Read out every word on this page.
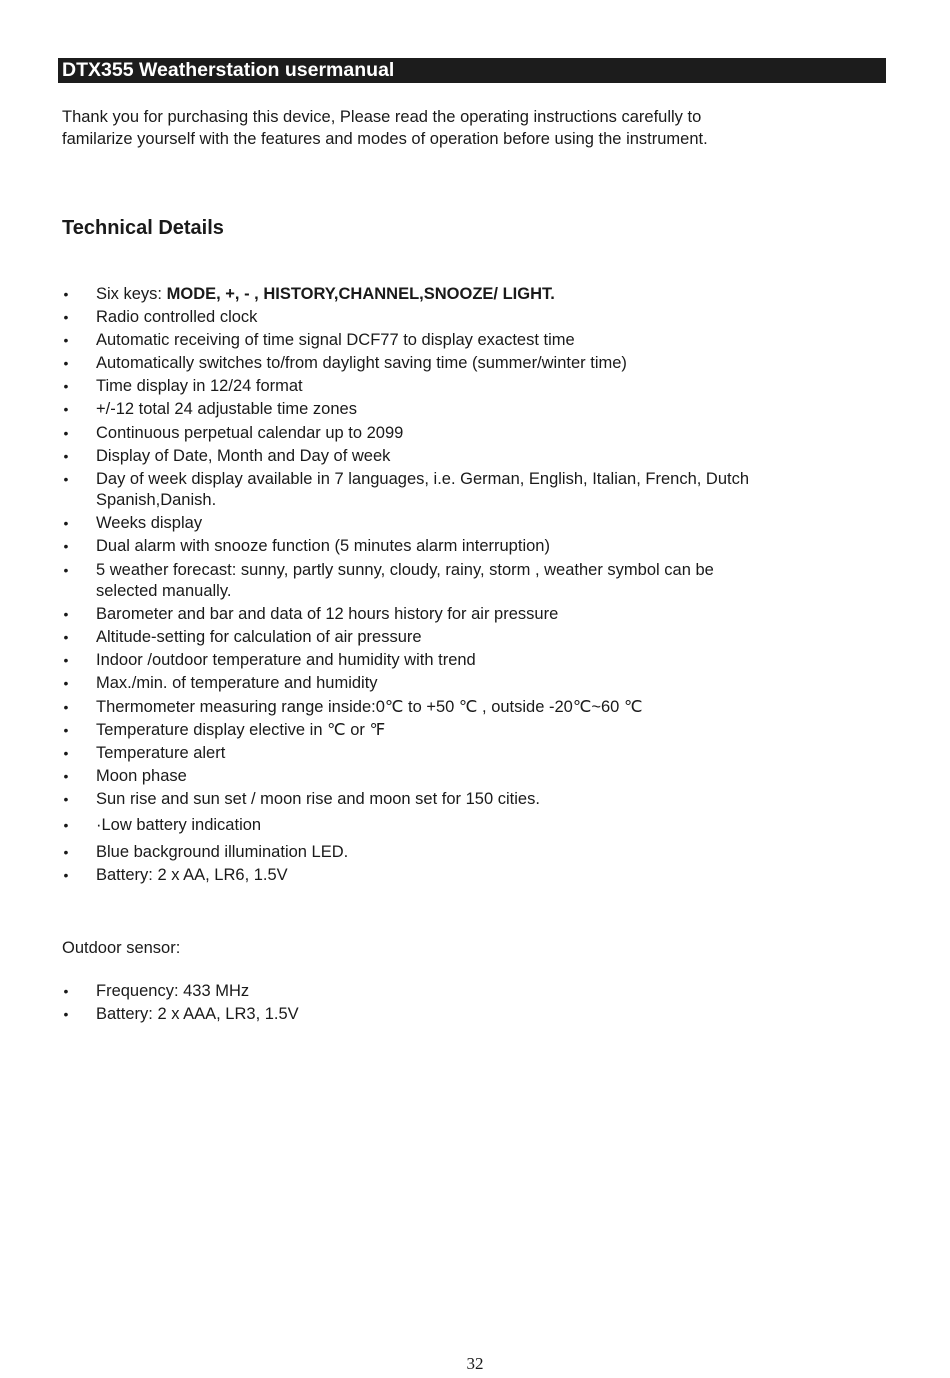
DTX355 Weatherstation usermanual

Thank you for purchasing this device, Please read the operating instructions carefully to

familarize yourself with the features and modes of operation before using the instrument.

Technical Details
• Six keys: MODE, +, - , HISTORY,CHANNEL,SNOOZE/ LIGHT.
• Radio controlled clock
• Automatic receiving of time signal DCF77 to display exactest time
• Automatically switches to/from daylight saving time (summer/winter time)
• Time display in 12/24 format
• +/-12 total 24 adjustable time zones
• Continuous perpetual calendar up to 2099
• Display of Date, Month and Day of week
• Day of week display available in 7 languages, i.e. German, English, Italian, French, Dutch
Spanish,Danish.
• Weeks display
• Dual alarm with snooze function (5 minutes alarm interruption)
• 5 weather forecast: sunny, partly sunny, cloudy, rainy, storm , weather symbol can be
selected manually.
• Barometer and bar and data of 12 hours history for air pressure
• Altitude-setting for calculation of air pressure
• Indoor /outdoor temperature and humidity with trend
• Max./min. of temperature and humidity
• Thermometer measuring range inside:0℃ to +50 ℃ , outside -20℃~60 ℃
• Temperature display elective in ℃ or ℉
• Temperature alert
• Moon phase
• Sun rise and sun set / moon rise and moon set for 150 cities.
• ·Low battery indication
• Blue background illumination LED.
• Battery: 2 x AA, LR6, 1.5V

Outdoor sensor:

• Frequency: 433 MHz
• Battery: 2 x AAA, LR3, 1.5V
32
